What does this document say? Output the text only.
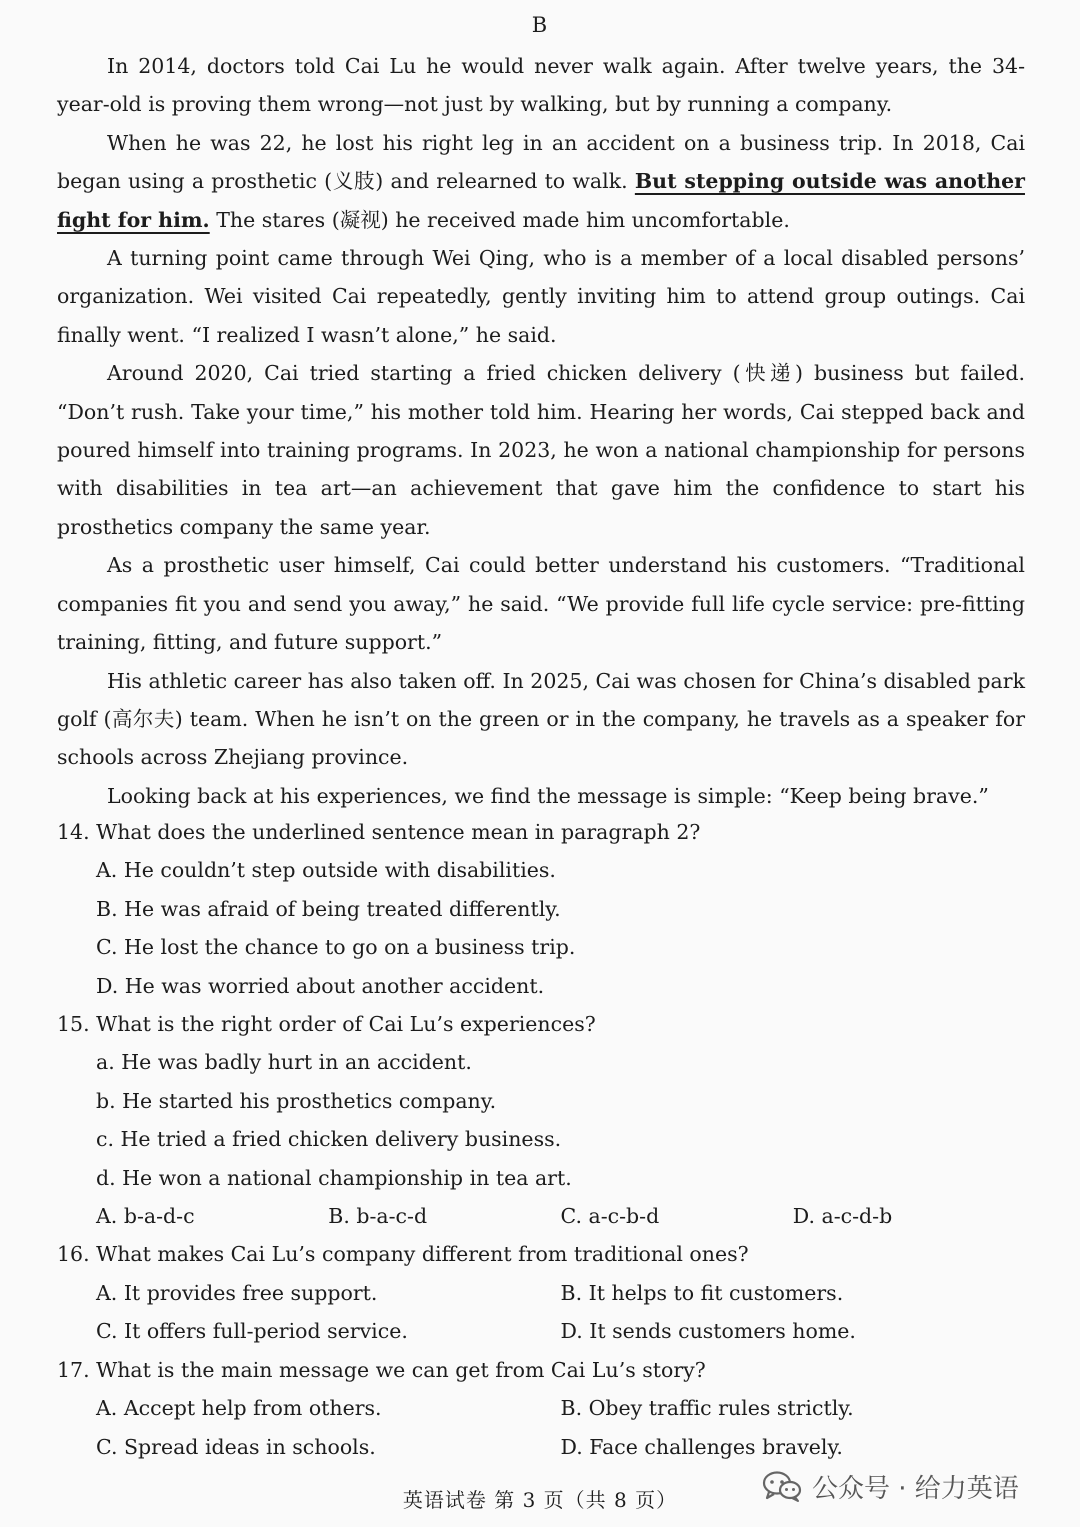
B

In 2014, doctors told Cai Lu he would never walk again. After twelve years, the 34-year-old is proving them wrong—not just by walking, but by running a company.

When he was 22, he lost his right leg in an accident on a business trip. In 2018, Cai began using a prosthetic (义肢) and relearned to walk. But stepping outside was another fight for him. The stares (凝视) he received made him uncomfortable.

A turning point came through Wei Qing, who is a member of a local disabled persons’ organization. Wei visited Cai repeatedly, gently inviting him to attend group outings. Cai finally went. “I realized I wasn’t alone,” he said.

Around 2020, Cai tried starting a fried chicken delivery (快递) business but failed. “Don’t rush. Take your time,” his mother told him. Hearing her words, Cai stepped back and poured himself into training programs. In 2023, he won a national championship for persons with disabilities in tea art—an achievement that gave him the confidence to start his prosthetics company the same year.

As a prosthetic user himself, Cai could better understand his customers. “Traditional companies fit you and send you away,” he said. “We provide full life cycle service: pre-fitting training, fitting, and future support.”

His athletic career has also taken off. In 2025, Cai was chosen for China’s disabled park golf (高尔夫) team. When he isn’t on the green or in the company, he travels as a speaker for schools across Zhejiang province.

Looking back at his experiences, we find the message is simple: “Keep being brave.”

14. What does the underlined sentence mean in paragraph 2?

A. He couldn’t step outside with disabilities.

B. He was afraid of being treated differently.

C. He lost the chance to go on a business trip.

D. He was worried about another accident.

15. What is the right order of Cai Lu’s experiences?

a. He was badly hurt in an accident.

b. He started his prosthetics company.

c. He tried a fried chicken delivery business.

d. He won a national championship in tea art.

A. b-a-d-c	B. b-a-c-d	C. a-c-b-d	D. a-c-d-b

16. What makes Cai Lu’s company different from traditional ones?

A. It provides free support.	B. It helps to fit customers.
C. It offers full-period service.	D. It sends customers home.

17. What is the main message we can get from Cai Lu’s story?

A. Accept help from others.	B. Obey traffic rules strictly.
C. Spread ideas in schools.	D. Face challenges bravely.
英语试卷 第 3 页（共 8 页）	公众号 · 给力英语
